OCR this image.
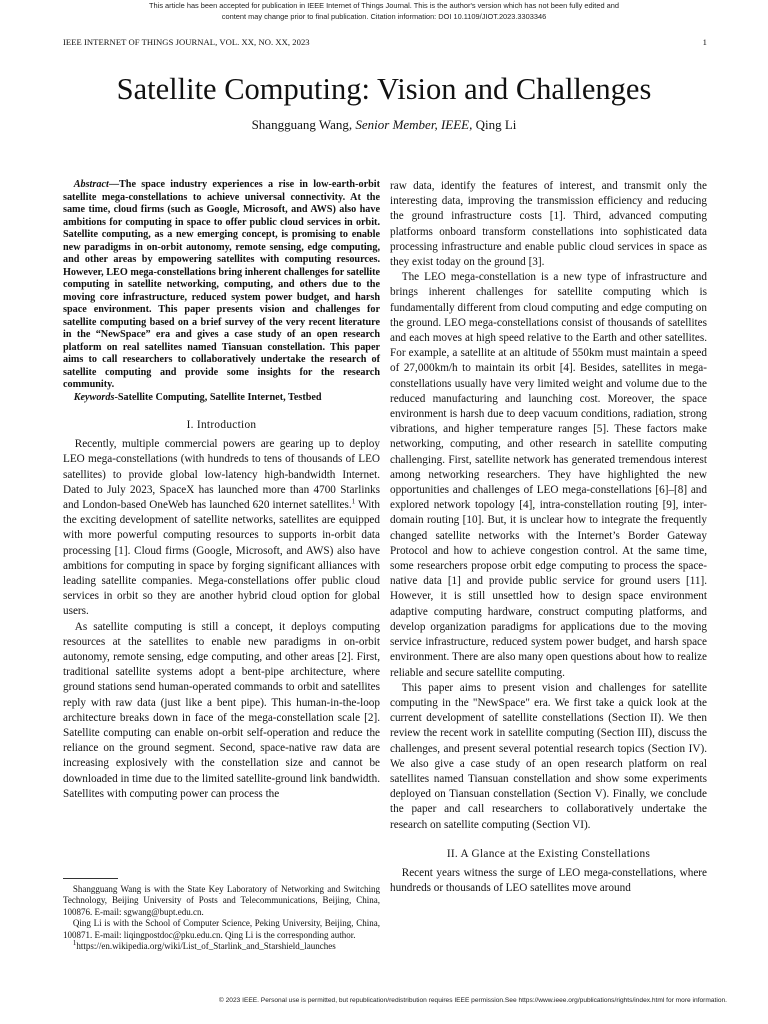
This article has been accepted for publication in IEEE Internet of Things Journal. This is the author's version which has not been fully edited and
content may change prior to final publication. Citation information: DOI 10.1109/JIOT.2023.3303346
IEEE INTERNET OF THINGS JOURNAL, VOL. XX, NO. XX, 2023	1
Satellite Computing: Vision and Challenges
Shangguang Wang, Senior Member, IEEE, Qing Li

Abstract—The space industry experiences a rise in low-earth-orbit satellite mega-constellations to achieve universal connectivity. At the same time, cloud firms (such as Google, Microsoft, and AWS) also have ambitions for computing in space to offer public cloud services in orbit. Satellite computing, as a new emerging concept, is promising to enable new paradigms in on-orbit autonomy, remote sensing, edge computing, and other areas by empowering satellites with computing resources. However, LEO mega-constellations bring inherent challenges for satellite computing in satellite networking, computing, and others due to the moving core infrastructure, reduced system power budget, and harsh space environment. This paper presents vision and challenges for satellite computing based on a brief survey of the very recent literature in the “NewSpace” era and gives a case study of an open research platform on real satellites named Tiansuan constellation. This paper aims to call researchers to collaboratively undertake the research of satellite computing and provide some insights for the research community.

Keywords-Satellite Computing, Satellite Internet, Testbed

I. Introduction

Recently, multiple commercial powers are gearing up to deploy LEO mega-constellations (with hundreds to tens of thousands of LEO satellites) to provide global low-latency high-bandwidth Internet. Dated to July 2023, SpaceX has launched more than 4700 Starlinks and London-based OneWeb has launched 620 internet satellites.$^1$ With the exciting development of satellite networks, satellites are equipped with more powerful computing resources to supports in-orbit data processing [1]. Cloud firms (Google, Microsoft, and AWS) also have ambitions for computing in space by forging significant alliances with leading satellite companies. Mega-constellations offer public cloud services in orbit so they are another hybrid cloud option for global users.

As satellite computing is still a concept, it deploys computing resources at the satellites to enable new paradigms in on-orbit autonomy, remote sensing, edge computing, and other areas [2]. First, traditional satellite systems adopt a bent-pipe architecture, where ground stations send human-operated commands to orbit and satellites reply with raw data (just like a bent pipe). This human-in-the-loop architecture breaks down in face of the mega-constellation scale [2]. Satellite computing can enable on-orbit self-operation and reduce the reliance on the ground segment. Second, space-native raw data are increasing explosively with the constellation size and cannot be downloaded in time due to the limited satellite-ground link bandwidth. Satellites with computing power can process the

Shangguang Wang is with the State Key Laboratory of Networking and Switching Technology, Beijing University of Posts and Telecommunications, Beijing, China, 100876. E-mail: sgwang@bupt.edu.cn.

Qing Li is with the School of Computer Science, Peking University, Beijing, China, 100871. E-mail: liqingpostdoc@pku.edu.cn. Qing Li is the corresponding author.

$^1$https://en.wikipedia.org/wiki/List_of_Starlink_and_Starshield_launches

raw data, identify the features of interest, and transmit only the interesting data, improving the transmission efficiency and reducing the ground infrastructure costs [1]. Third, advanced computing platforms onboard transform constellations into sophisticated data processing infrastructure and enable public cloud services in space as they exist today on the ground [3].

The LEO mega-constellation is a new type of infrastructure and brings inherent challenges for satellite computing which is fundamentally different from cloud computing and edge computing on the ground. LEO mega-constellations consist of thousands of satellites and each moves at high speed relative to the Earth and other satellites. For example, a satellite at an altitude of 550km must maintain a speed of 27,000km/h to maintain its orbit [4]. Besides, satellites in mega-constellations usually have very limited weight and volume due to the reduced manufacturing and launching cost. Moreover, the space environment is harsh due to deep vacuum conditions, radiation, strong vibrations, and higher temperature ranges [5]. These factors make networking, computing, and other research in satellite computing challenging. First, satellite network has generated tremendous interest among networking researchers. They have highlighted the new opportunities and challenges of LEO mega-constellations [6]–[8] and explored network topology [4], intra-constellation routing [9], inter-domain routing [10]. But, it is unclear how to integrate the frequently changed satellite networks with the Internet’s Border Gateway Protocol and how to achieve congestion control. At the same time, some researchers propose orbit edge computing to process the space-native data [1] and provide public service for ground users [11]. However, it is still unsettled how to design space environment adaptive computing hardware, construct computing platforms, and develop organization paradigms for applications due to the moving service infrastructure, reduced system power budget, and harsh space environment. There are also many open questions about how to realize reliable and secure satellite computing.

This paper aims to present vision and challenges for satellite computing in the "NewSpace" era. We first take a quick look at the current development of satellite constellations (Section II). We then review the recent work in satellite computing (Section III), discuss the challenges, and present several potential research topics (Section IV). We also give a case study of an open research platform on real satellites named Tiansuan constellation and show some experiments deployed on Tiansuan constellation (Section V). Finally, we conclude the paper and call researchers to collaboratively undertake the research on satellite computing (Section VI).

II. A Glance at the Existing Constellations

Recent years witness the surge of LEO mega-constellations, where hundreds or thousands of LEO satellites move around

© 2023 IEEE. Personal use is permitted, but republication/redistribution requires IEEE permission.See https://www.ieee.org/publications/rights/index.html for more information.
